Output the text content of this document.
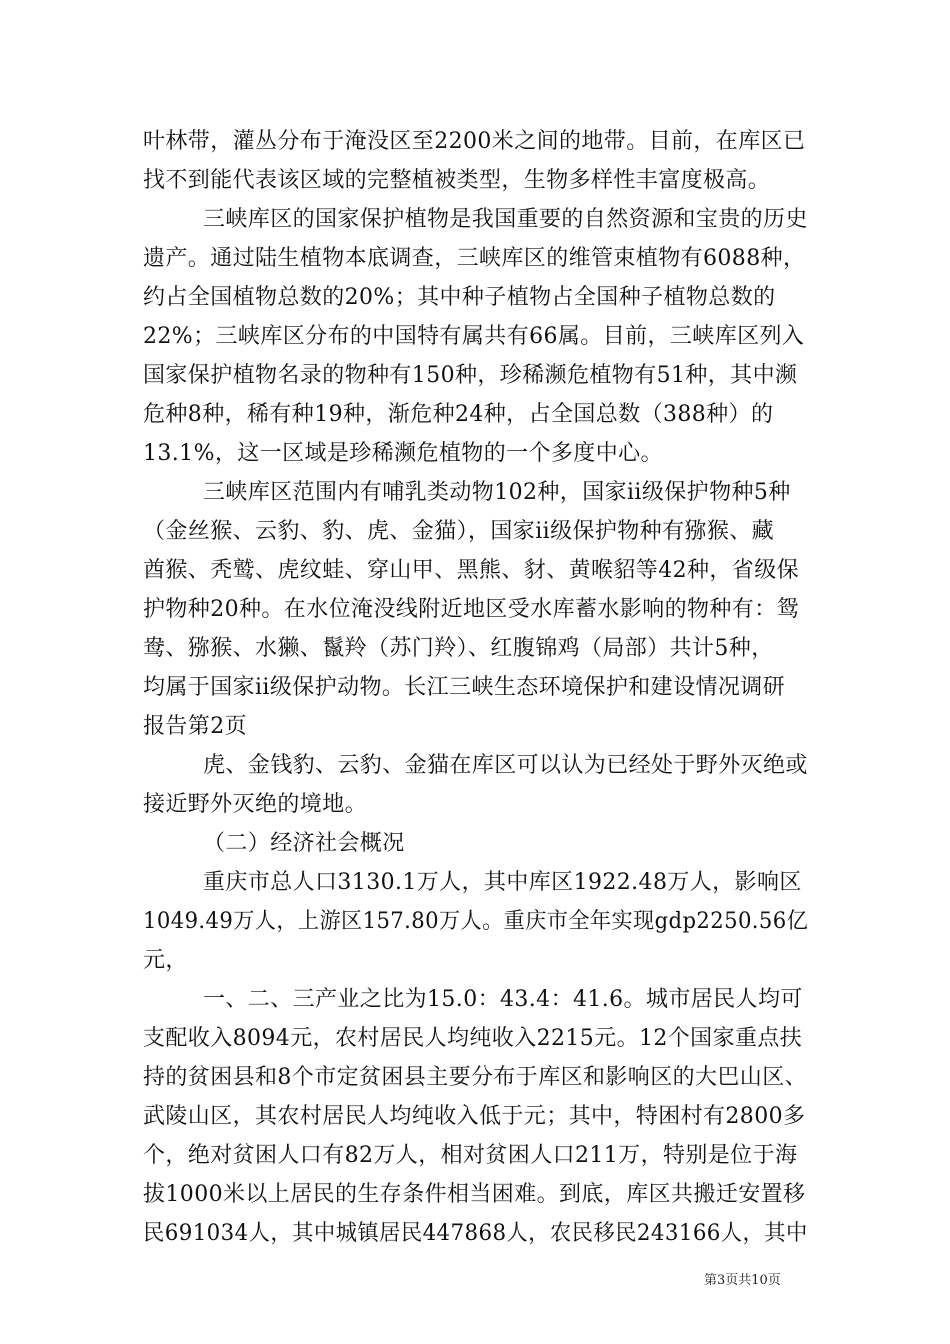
叶林带，灌丛分布于淹没区至2200米之间的地带。目前，在库区已
找不到能代表该区域的完整植被类型，生物多样性丰富度极高。
三峡库区的国家保护植物是我国重要的自然资源和宝贵的历史
遗产。通过陆生植物本底调查，三峡库区的维管束植物有6088种，
约占全国植物总数的20%；其中种子植物占全国种子植物总数的
22%；三峡库区分布的中国特有属共有66属。目前，三峡库区列入
国家保护植物名录的物种有150种，珍稀濒危植物有51种，其中濒
危种8种，稀有种19种，渐危种24种，占全国总数（388种）的
13.1%，这一区域是珍稀濒危植物的一个多度中心。
三峡库区范围内有哺乳类动物102种，国家ii级保护物种5种
（金丝猴、云豹、豹、虎、金猫），国家ii级保护物种有猕猴、藏
酋猴、秃鹫、虎纹蛙、穿山甲、黑熊、豺、黄喉貂等42种，省级保
护物种20种。在水位淹没线附近地区受水库蓄水影响的物种有：鸳
鸯、猕猴、水獭、鬣羚（苏门羚）、红腹锦鸡（局部）共计5种，
均属于国家ii级保护动物。长江三峡生态环境保护和建设情况调研
报告第2页
虎、金钱豹、云豹、金猫在库区可以认为已经处于野外灭绝或
接近野外灭绝的境地。
（二）经济社会概况
重庆市总人口3130.1万人，其中库区1922.48万人，影响区
1049.49万人，上游区157.80万人。重庆市全年实现gdp2250.56亿
元，
一、二、三产业之比为15.0：43.4：41.6。城市居民人均可
支配收入8094元，农村居民人均纯收入2215元。12个国家重点扶
持的贫困县和8个市定贫困县主要分布于库区和影响区的大巴山区、
武陵山区，其农村居民人均纯收入低于元；其中，特困村有2800多
个，绝对贫困人口有82万人，相对贫困人口211万，特别是位于海
拔1000米以上居民的生存条件相当困难。到底，库区共搬迁安置移
民691034人，其中城镇居民447868人，农民移民243166人，其中
第3页共10页
